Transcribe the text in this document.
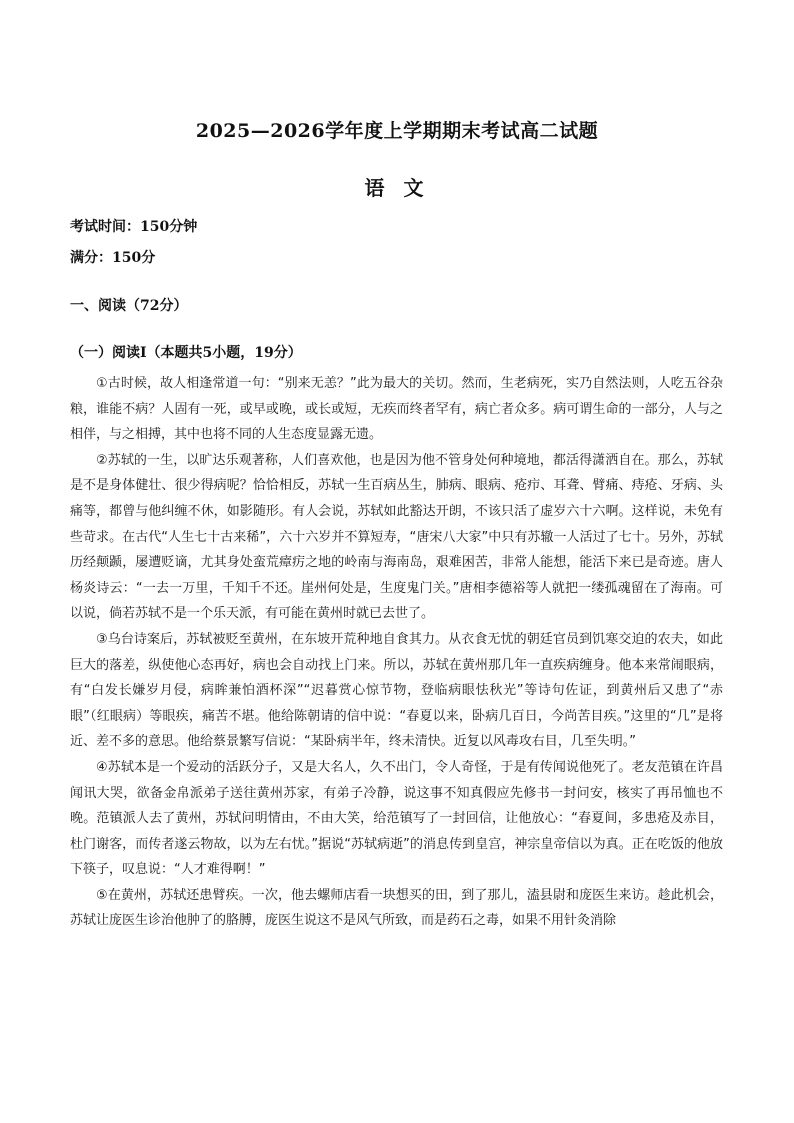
2025—2026学年度上学期期末考试高二试题
语 文
考试时间：150分钟
满分：150分
一、阅读（72分）
（一）阅读I（本题共5小题，19分）

①古时候，故人相逢常道一句：“别来无恙？”此为最大的关切。然而，生老病死，实乃自然法则，人吃五谷杂粮，谁能不病？人固有一死，或早或晚，或长或短，无疾而终者罕有，病亡者众多。病可谓生命的一部分，人与之相伴，与之相搏，其中也将不同的人生态度显露无遗。

②苏轼的一生，以旷达乐观著称，人们喜欢他，也是因为他不管身处何种境地，都活得潇洒自在。那么，苏轼是不是身体健壮、很少得病呢？恰恰相反，苏轼一生百病丛生，肺病、眼病、疮疖、耳聋、臂痛、痔疮、牙病、头痛等，都曾与他纠缠不休，如影随形。有人会说，苏轼如此豁达开朗，不该只活了虚岁六十六啊。这样说，未免有些苛求。在古代“人生七十古来稀”，六十六岁并不算短寿，“唐宋八大家”中只有苏辙一人活过了七十。另外，苏轼历经颠踬，屡遭贬谪，尤其身处蛮荒瘴疠之地的岭南与海南岛，艰难困苦，非常人能想，能活下来已是奇迹。唐人杨炎诗云：“一去一万里，千知千不还。崖州何处是，生度鬼门关。”唐相李德裕等人就把一缕孤魂留在了海南。可以说，倘若苏轼不是一个乐天派，有可能在黄州时就已去世了。

③乌台诗案后，苏轼被贬至黄州，在东坡开荒种地自食其力。从衣食无忧的朝廷官员到饥寒交迫的农夫，如此巨大的落差，纵使他心态再好，病也会自动找上门来。所以，苏轼在黄州那几年一直疾病缠身。他本来常闹眼病，有“白发长嫌岁月侵，病眸兼怕酒杯深”“迟暮赏心惊节物，登临病眼怯秋光”等诗句佐证，到黄州后又患了“赤眼”（红眼病）等眼疾，痛苦不堪。他给陈朝请的信中说：“春夏以来，卧病几百日，今尚苦目疾。”这里的“几”是将近、差不多的意思。他给蔡景繁写信说：“某卧病半年，终未清快。近复以风毒攻右目，几至失明。”

④苏轼本是一个爱动的活跃分子，又是大名人，久不出门，令人奇怪，于是有传闻说他死了。老友范镇在许昌闻讯大哭，欲备金帛派弟子送往黄州苏家，有弟子冷静，说这事不知真假应先修书一封问安，核实了再吊恤也不晚。范镇派人去了黄州，苏轼问明情由，不由大笑，给范镇写了一封回信，让他放心：“春夏间，多患疮及赤目，杜门谢客，而传者遂云物故，以为左右忧。”据说“苏轼病逝”的消息传到皇宫，神宗皇帝信以为真。正在吃饭的他放下筷子，叹息说：“人才难得啊！”

⑤在黄州，苏轼还患臂疾。一次，他去螺师店看一块想买的田，到了那儿，溘县尉和庞医生来访。趁此机会，苏轼让庞医生诊治他肿了的胳膊，庞医生说这不是风气所致，而是药石之毒，如果不用针灸消除
